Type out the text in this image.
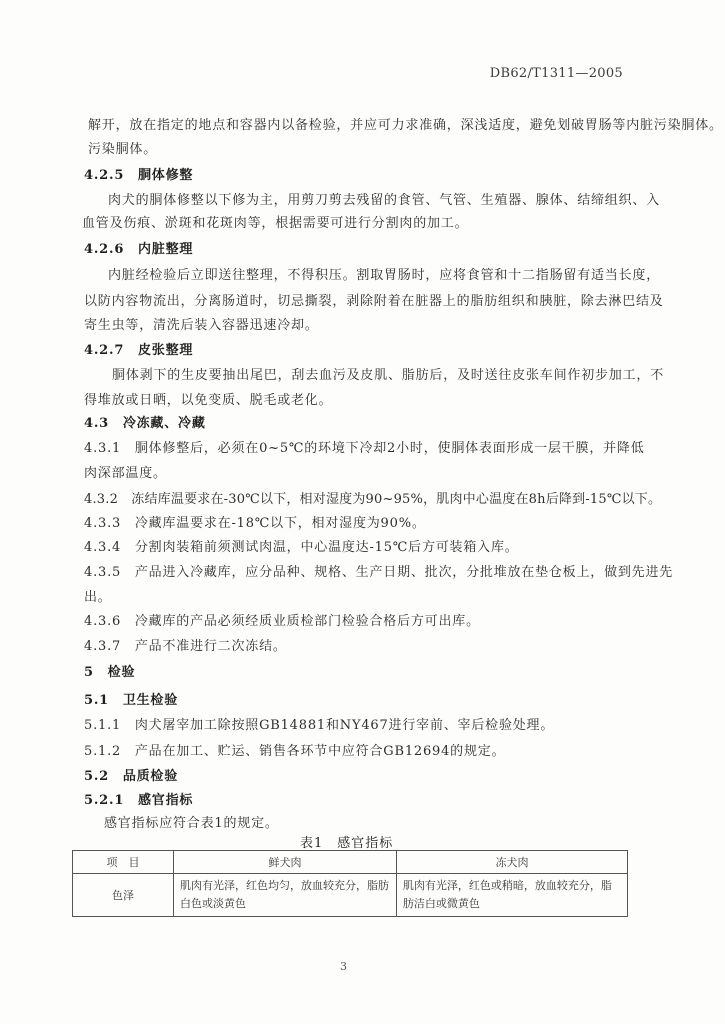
DB62/T1311—2005
解开，放在指定的地点和容器内以备检验，并应可力求准确，深浅适度，避免划破胃肠等内脏污染胴体。
污染胴体。
4.2.5　胴体修整
肉犬的胴体修整以下修为主，用剪刀剪去残留的食管、气管、生殖器、腺体、结缔组织、入
血管及伤痕、淤斑和花斑肉等，根据需要可进行分割肉的加工。
4.2.6　内脏整理
内脏经检验后立即送往整理，不得积压。割取胃肠时，应将食管和十二指肠留有适当长度，
以防内容物流出，分离肠道时，切忌撕裂，剥除附着在脏器上的脂肪组织和胰脏，除去淋巴结及
寄生虫等，清洗后装入容器迅速冷却。
4.2.7　皮张整理
胴体剥下的生皮要抽出尾巴，刮去血污及皮肌、脂肪后，及时送往皮张车间作初步加工，不
得堆放或日晒，以免变质、脱毛或老化。
4.3　冷冻藏、冷藏
4.3.1　胴体修整后，必须在0~5℃的环境下冷却2小时，使胴体表面形成一层干膜，并降低
肉深部温度。
4.3.2　冻结库温要求在-30℃以下，相对湿度为90~95%，肌肉中心温度在8h后降到-15℃以下。
4.3.3　冷藏库温要求在-18℃以下，相对湿度为90%。
4.3.4　分割肉装箱前须测试肉温，中心温度达-15℃后方可装箱入库。
4.3.5　产品进入冷藏库，应分品种、规格、生产日期、批次，分批堆放在垫仓板上，做到先进先
出。
4.3.6　冷藏库的产品必须经质业质检部门检验合格后方可出库。
4.3.7　产品不准进行二次冻结。
5　检验
5.1　卫生检验
5.1.1　肉犬屠宰加工除按照GB14881和NY467进行宰前、宰后检验处理。
5.1.2　产品在加工、贮运、销售各环节中应符合GB12694的规定。
5.2　品质检验
5.2.1　感官指标
感官指标应符合表1的规定。
表1　感官指标
项　目	鲜犬肉	冻犬肉
色泽	肌肉有光泽，红色均匀，放血较充分，脂肪白色或淡黄色	肌肉有光泽，红色或稍暗，放血较充分，脂肪洁白或微黄色
3
